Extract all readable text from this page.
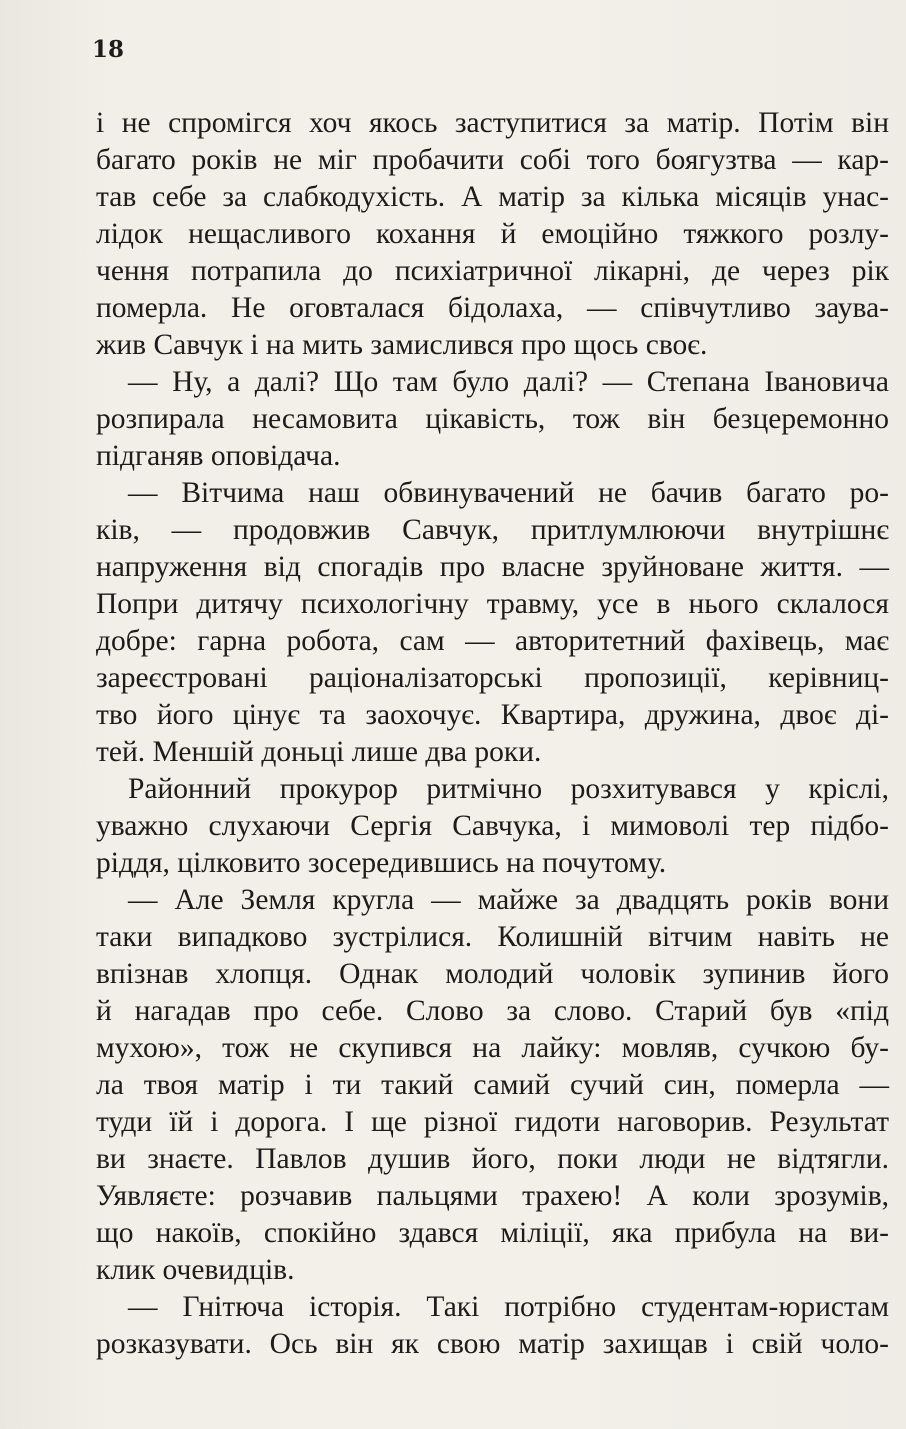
18
і не спромігся хоч якось заступитися за матір. Потім він
багато років не міг пробачити собі того боягузтва — кар-
тав себе за слабкодухість. А матір за кілька місяців унас-
лідок нещасливого кохання й емоційно тяжкого розлу-
чення потрапила до психіатричної лікарні, де через рік
померла. Не оговталася бідолаха, — співчутливо заува-
жив Савчук і на мить замислився про щось своє.
— Ну, а далі? Що там було далі? — Степана Івановича
розпирала несамовита цікавість, тож він безцеремонно
підганяв оповідача.
— Вітчима наш обвинувачений не бачив багато ро-
ків, — продовжив Савчук, притлумлюючи внутрішнє
напруження від спогадів про власне зруйноване життя. —
Попри дитячу психологічну травму, усе в нього склалося
добре: гарна робота, сам — авторитетний фахівець, має
зареєстровані раціоналізаторські пропозиції, керівниц-
тво його цінує та заохочує. Квартира, дружина, двоє ді-
тей. Меншій доньці лише два роки.
Районний прокурор ритмічно розхитувався у кріслі,
уважно слухаючи Сергія Савчука, і мимоволі тер підбо-
ріддя, цілковито зосередившись на почутому.
— Але Земля кругла — майже за двадцять років вони
таки випадково зустрілися. Колишній вітчим навіть не
впізнав хлопця. Однак молодий чоловік зупинив його
й нагадав про себе. Слово за слово. Старий був «під
мухою», тож не скупився на лайку: мовляв, сучкою бу-
ла твоя матір і ти такий самий сучий син, померла —
туди їй і дорога. І ще різної гидоти наговорив. Результат
ви знаєте. Павлов душив його, поки люди не відтягли.
Уявляєте: розчавив пальцями трахею! А коли зрозумів,
що накоїв, спокійно здався міліції, яка прибула на ви-
клик очевидців.
— Гнітюча історія. Такі потрібно студентам-юристам
розказувати. Ось він як свою матір захищав і свій чоло-
